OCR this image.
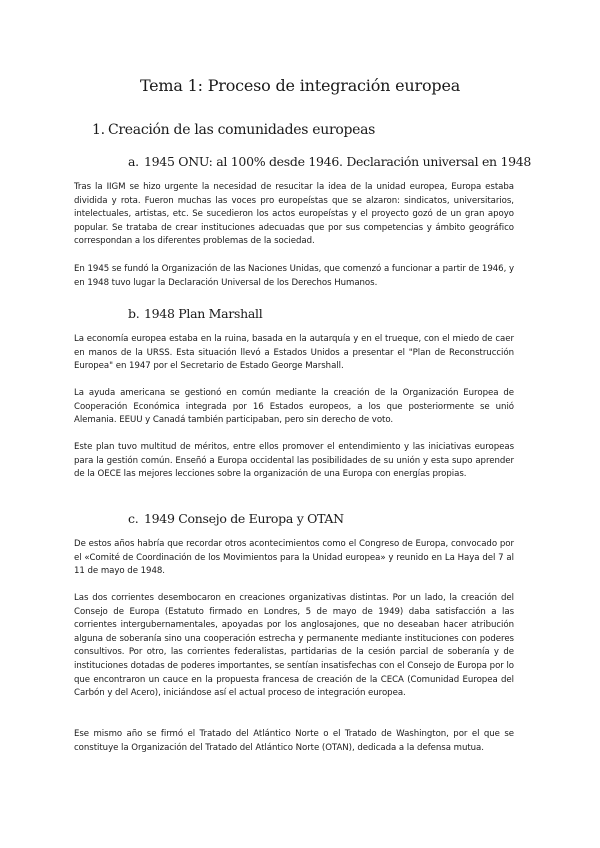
Tema 1: Proceso de integración europea
1. Creación de las comunidades europeas
a. 1945 ONU: al 100% desde 1946. Declaración universal en 1948

Tras la IIGM se hizo urgente la necesidad de resucitar la idea de la unidad europea, Europa estaba dividida y rota. Fueron muchas las voces pro europeístas que se alzaron: sindicatos, universitarios, intelectuales, artistas, etc. Se sucedieron los actos europeístas y el proyecto gozó de un gran apoyo popular. Se trataba de crear instituciones adecuadas que por sus competencias y ámbito geográfico correspondan a los diferentes problemas de la sociedad.

En 1945 se fundó la Organización de las Naciones Unidas, que comenzó a funcionar a partir de 1946, y en 1948 tuvo lugar la Declaración Universal de los Derechos Humanos.

b. 1948 Plan Marshall

La economía europea estaba en la ruina, basada en la autarquía y en el trueque, con el miedo de caer en manos de la URSS. Esta situación llevó a Estados Unidos a presentar el "Plan de Reconstrucción Europea" en 1947 por el Secretario de Estado George Marshall.

La ayuda americana se gestionó en común mediante la creación de la Organización Europea de Cooperación Económica integrada por 16 Estados europeos, a los que posteriormente se unió Alemania. EEUU y Canadá también participaban, pero sin derecho de voto.

Este plan tuvo multitud de méritos, entre ellos promover el entendimiento y las iniciativas europeas para la gestión común. Enseñó a Europa occidental las posibilidades de su unión y esta supo aprender de la OECE las mejores lecciones sobre la organización de una Europa con energías propias.

c. 1949 Consejo de Europa y OTAN

De estos años habría que recordar otros acontecimientos como el Congreso de Europa, convocado por el «Comité de Coordinación de los Movimientos para la Unidad europea» y reunido en La Haya del 7 al 11 de mayo de 1948.

Las dos corrientes desembocaron en creaciones organizativas distintas. Por un lado, la creación del Consejo de Europa (Estatuto firmado en Londres, 5 de mayo de 1949) daba satisfacción a las corrientes intergubernamentales, apoyadas por los anglosajones, que no deseaban hacer atribución alguna de soberanía sino una cooperación estrecha y permanente mediante instituciones con poderes consultivos. Por otro, las corrientes federalistas, partidarias de la cesión parcial de soberanía y de instituciones dotadas de poderes importantes, se sentían insatisfechas con el Consejo de Europa por lo que encontraron un cauce en la propuesta francesa de creación de la CECA (Comunidad Europea del Carbón y del Acero), iniciándose así el actual proceso de integración europea.

Ese mismo año se firmó el Tratado del Atlántico Norte o el Tratado de Washington, por el que se constituye la Organización del Tratado del Atlántico Norte (OTAN), dedicada a la defensa mutua.
